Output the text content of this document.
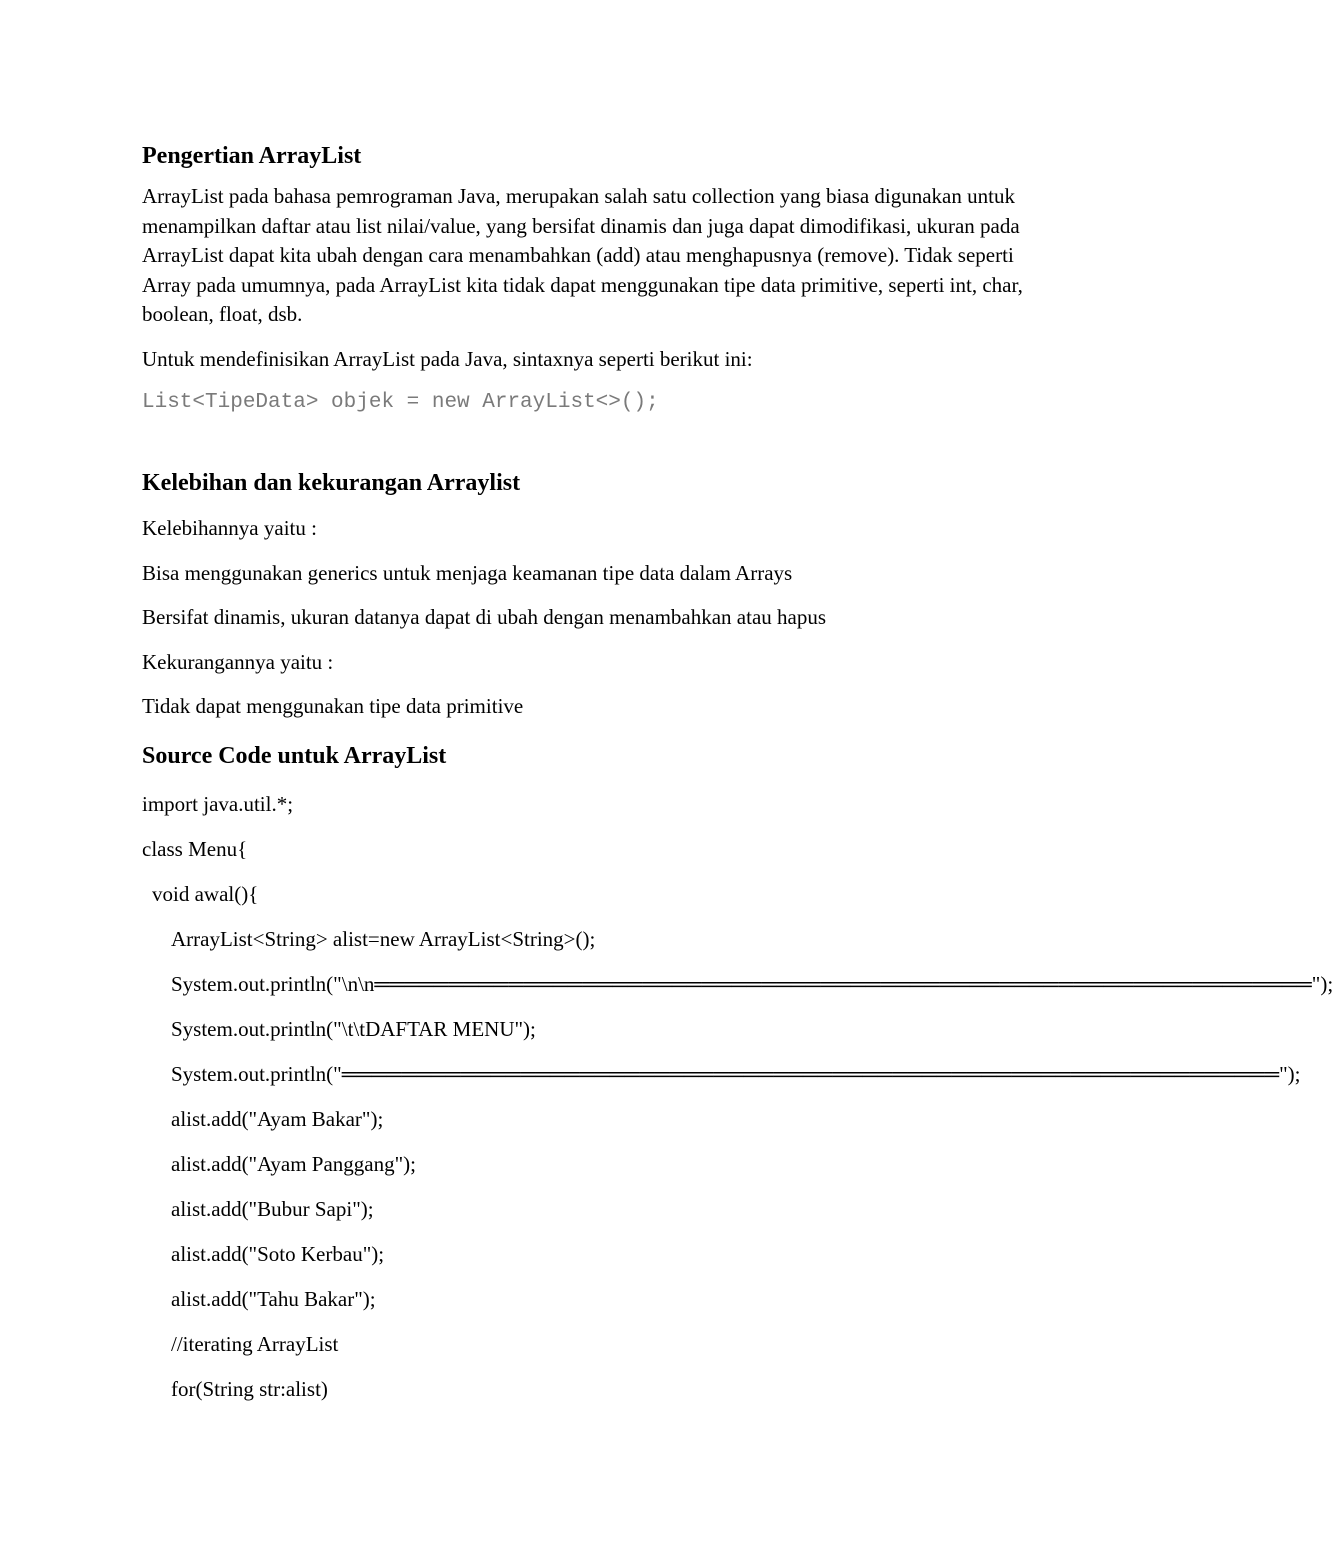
Pengertian ArrayList

ArrayList pada bahasa pemrograman Java, merupakan salah satu collection yang biasa digunakan untuk menampilkan daftar atau list nilai/value, yang bersifat dinamis dan juga dapat dimodifikasi, ukuran pada ArrayList dapat kita ubah dengan cara menambahkan (add) atau menghapusnya (remove). Tidak seperti Array pada umumnya, pada ArrayList kita tidak dapat menggunakan tipe data primitive, seperti int, char, boolean, float, dsb.

Untuk mendefinisikan ArrayList pada Java, sintaxnya seperti berikut ini:

List<TipeData> objek = new ArrayList<>();
Kelebihan dan kekurangan Arraylist

Kelebihannya yaitu :

Bisa menggunakan generics untuk menjaga keamanan tipe data dalam Arrays

Bersifat dinamis, ukuran datanya dapat di ubah dengan menambahkan atau hapus

Kekurangannya yaitu :

Tidak dapat menggunakan tipe data primitive

Source Code untuk ArrayList
import java.util.*;
class Menu{
void awal(){
ArrayList<String> alist=new ArrayList<String>();
System.out.println("\n\n═══════════════════════════════════════════════════════════════");
System.out.println("\t\tDAFTAR MENU");
System.out.println("═══════════════════════════════════════════════════════════════");
alist.add("Ayam Bakar");
alist.add("Ayam Panggang");
alist.add("Bubur Sapi");
alist.add("Soto Kerbau");
alist.add("Tahu Bakar");
//iterating ArrayList
for(String str:alist)
